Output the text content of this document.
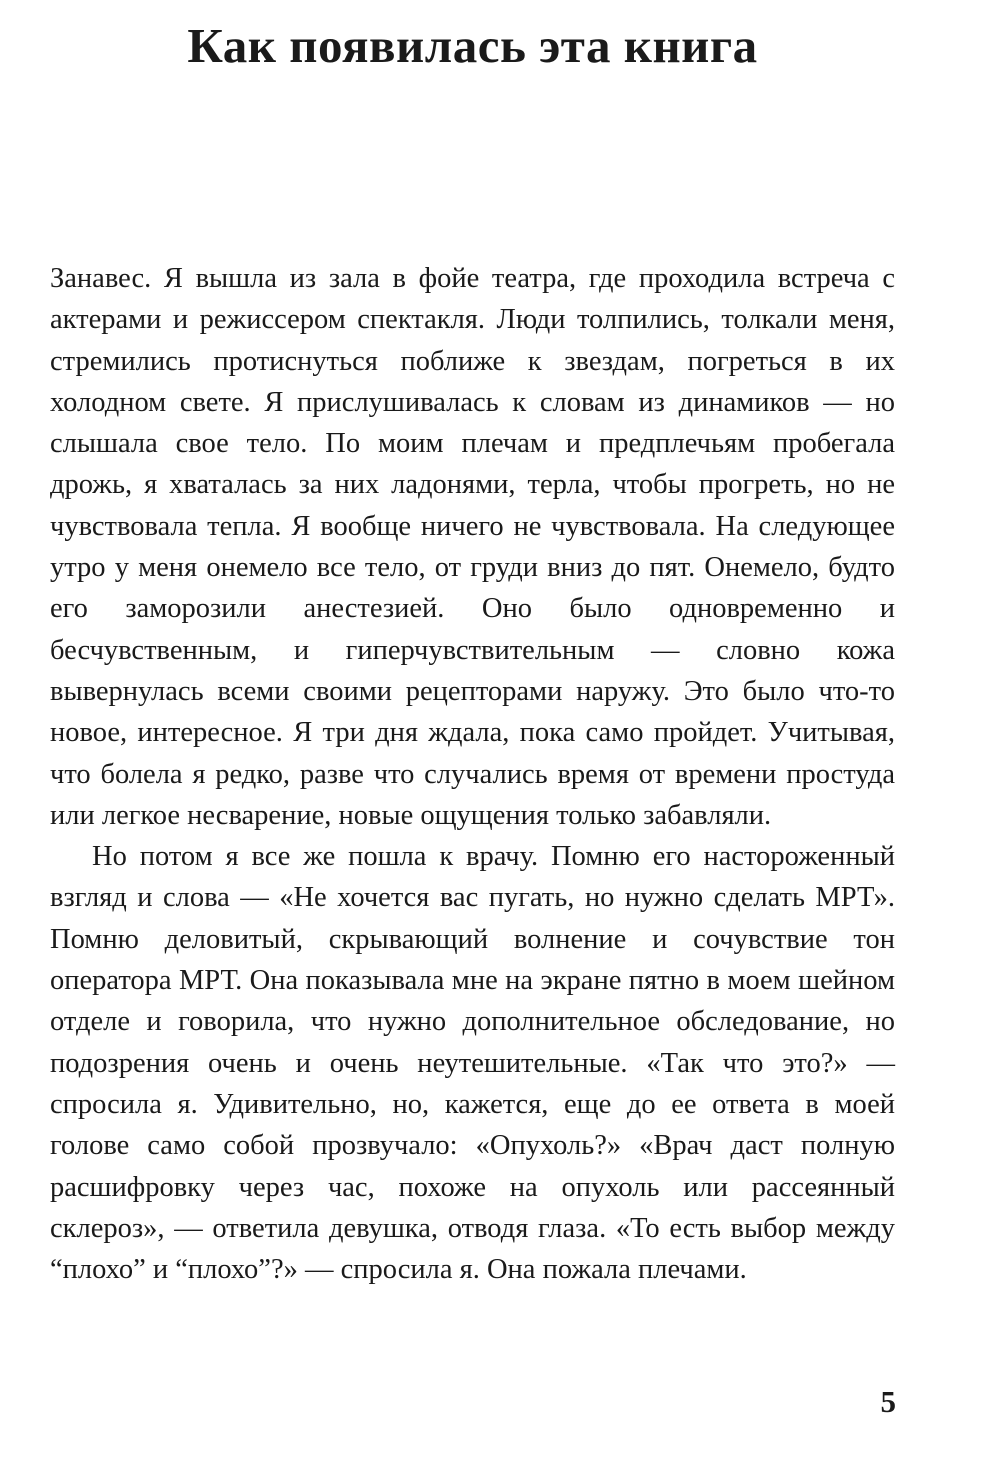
Как появилась эта книга

Занавес. Я вышла из зала в фойе театра, где проходила встреча с актерами и режиссером спектакля. Люди толпились, толкали меня, стремились протиснуться поближе к звездам, погреться в их холодном свете. Я прислушивалась к словам из динамиков — но слышала свое тело. По моим плечам и предплечьям пробегала дрожь, я хваталась за них ладонями, терла, чтобы прогреть, но не чувствовала тепла. Я вообще ничего не чувствовала. На следующее утро у меня онемело все тело, от груди вниз до пят. Онемело, будто его заморозили анестезией. Оно было одновременно и бесчувственным, и гиперчувствительным — словно кожа вывернулась всеми своими рецепторами наружу. Это было что-то новое, интересное. Я три дня ждала, пока само пройдет. Учитывая, что болела я редко, разве что случались время от времени простуда или легкое несварение, новые ощущения только забавляли.

Но потом я все же пошла к врачу. Помню его настороженный взгляд и слова — «Не хочется вас пугать, но нужно сделать МРТ». Помню деловитый, скрывающий волнение и сочувствие тон оператора МРТ. Она показывала мне на экране пятно в моем шейном отделе и говорила, что нужно дополнительное обследование, но подозрения очень и очень неутешительные. «Так что это?» — спросила я. Удивительно, но, кажется, еще до ее ответа в моей голове само собой прозвучало: «Опухоль?» «Врач даст полную расшифровку через час, похоже на опухоль или рассеянный склероз», — ответила девушка, отводя глаза. «То есть выбор между “плохо” и “плохо”?» — спросила я. Она пожала плечами.

5
